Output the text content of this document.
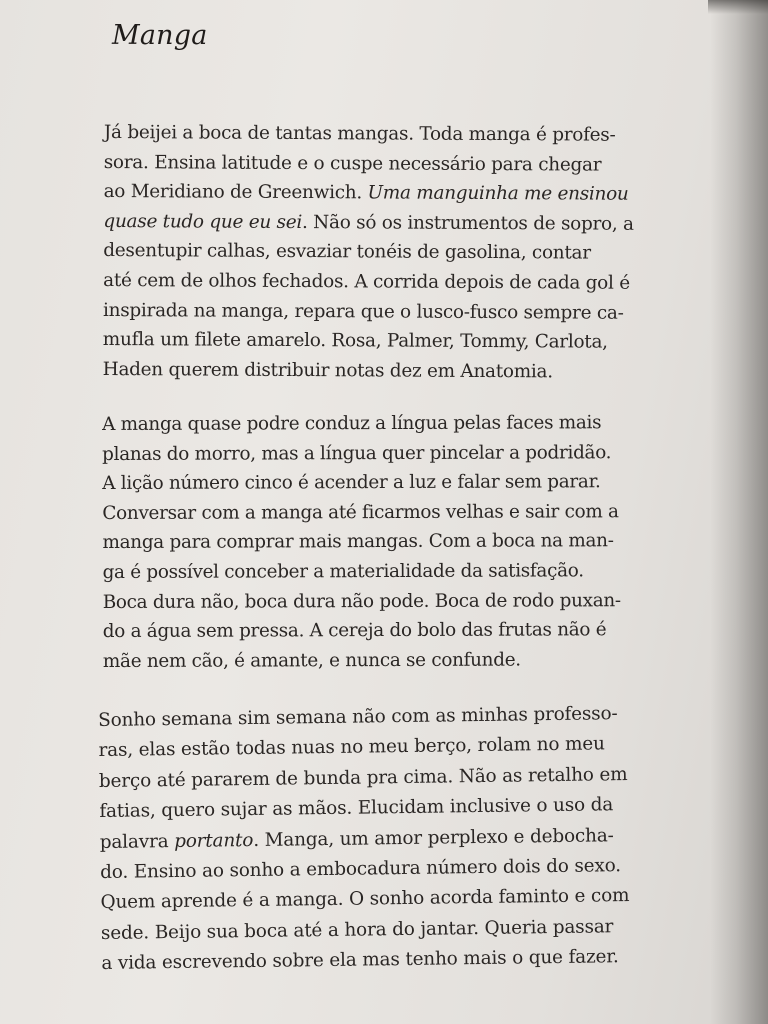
Manga

Já beijei a boca de tantas mangas. Toda manga é profes-
sora. Ensina latitude e o cuspe necessário para chegar
ao Meridiano de Greenwich. Uma manguinha me ensinou
quase tudo que eu sei. Não só os instrumentos de sopro, a
desentupir calhas, esvaziar tonéis de gasolina, contar
até cem de olhos fechados. A corrida depois de cada gol é
inspirada na manga, repara que o lusco-fusco sempre ca-
mufla um filete amarelo. Rosa, Palmer, Tommy, Carlota,
Haden querem distribuir notas dez em Anatomia.

A manga quase podre conduz a língua pelas faces mais
planas do morro, mas a língua quer pincelar a podridão.
A lição número cinco é acender a luz e falar sem parar.
Conversar com a manga até ficarmos velhas e sair com a
manga para comprar mais mangas. Com a boca na man-
ga é possível conceber a materialidade da satisfação.
Boca dura não, boca dura não pode. Boca de rodo puxan-
do a água sem pressa. A cereja do bolo das frutas não é
mãe nem cão, é amante, e nunca se confunde.

Sonho semana sim semana não com as minhas professo-
ras, elas estão todas nuas no meu berço, rolam no meu
berço até pararem de bunda pra cima. Não as retalho em
fatias, quero sujar as mãos. Elucidam inclusive o uso da
palavra portanto. Manga, um amor perplexo e debocha-
do. Ensino ao sonho a embocadura número dois do sexo.
Quem aprende é a manga. O sonho acorda faminto e com
sede. Beijo sua boca até a hora do jantar. Queria passar
a vida escrevendo sobre ela mas tenho mais o que fazer.
